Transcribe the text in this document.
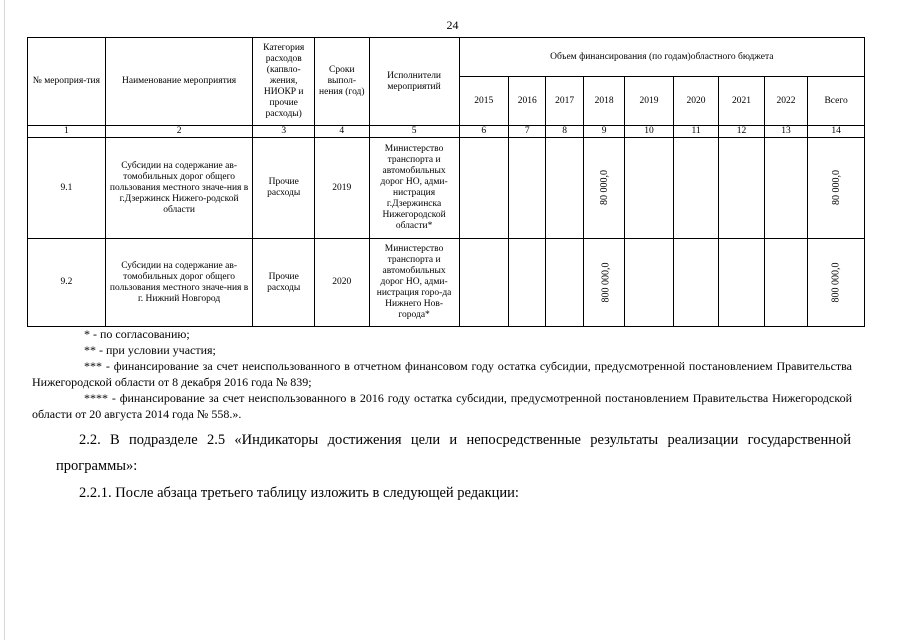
24
№ мероприя-тия	Наименование мероприятия	Категория расходов (капвло-жения, НИОКР и прочие расходы)	Сроки выпол-нения (год)	Исполнители мероприятий	Объем финансирования (по годам)областного бюджета								
					2015	2016	2017	2018	2019	2020	2021	2022	Всего
1	2	3	4	5	6	7	8	9	10	11	12	13	14
9.1	Субсидии на содержание ав-томобильных дорог общего пользования местного значе-ния в г.Дзержинск Нижего-родской области	Прочие расходы	2019	Министерство транспорта и автомобильных дорог НО, адми-нистрация г.Дзержинска Нижегородской области*				80 000,0					80 000,0
9.2	Субсидии на содержание ав-томобильных дорог общего пользования местного значе-ния в г. Нижний Новгород	Прочие расходы	2020	Министерство транспорта и автомобильных дорог НО, адми-нистрация горо-да Нижнего Нов-города*				800 000,0					800 000,0

* - по согласованию;

** - при условии участия;

*** - финансирование за счет неиспользованного в отчетном финансовом году остатка субсидии, предусмотренной постановлением Правительства Нижегородской области от 8 декабря 2016 года № 839;

**** - финансирование за счет неиспользованного в 2016 году остатка субсидии, предусмотренной постановлением Правительства Нижегородской области от 20 августа 2014 года № 558.».

2.2. В подразделе 2.5 «Индикаторы достижения цели и непосредственные результаты реализации государственной программы»:

2.2.1. После абзаца третьего таблицу изложить в следующей редакции:
